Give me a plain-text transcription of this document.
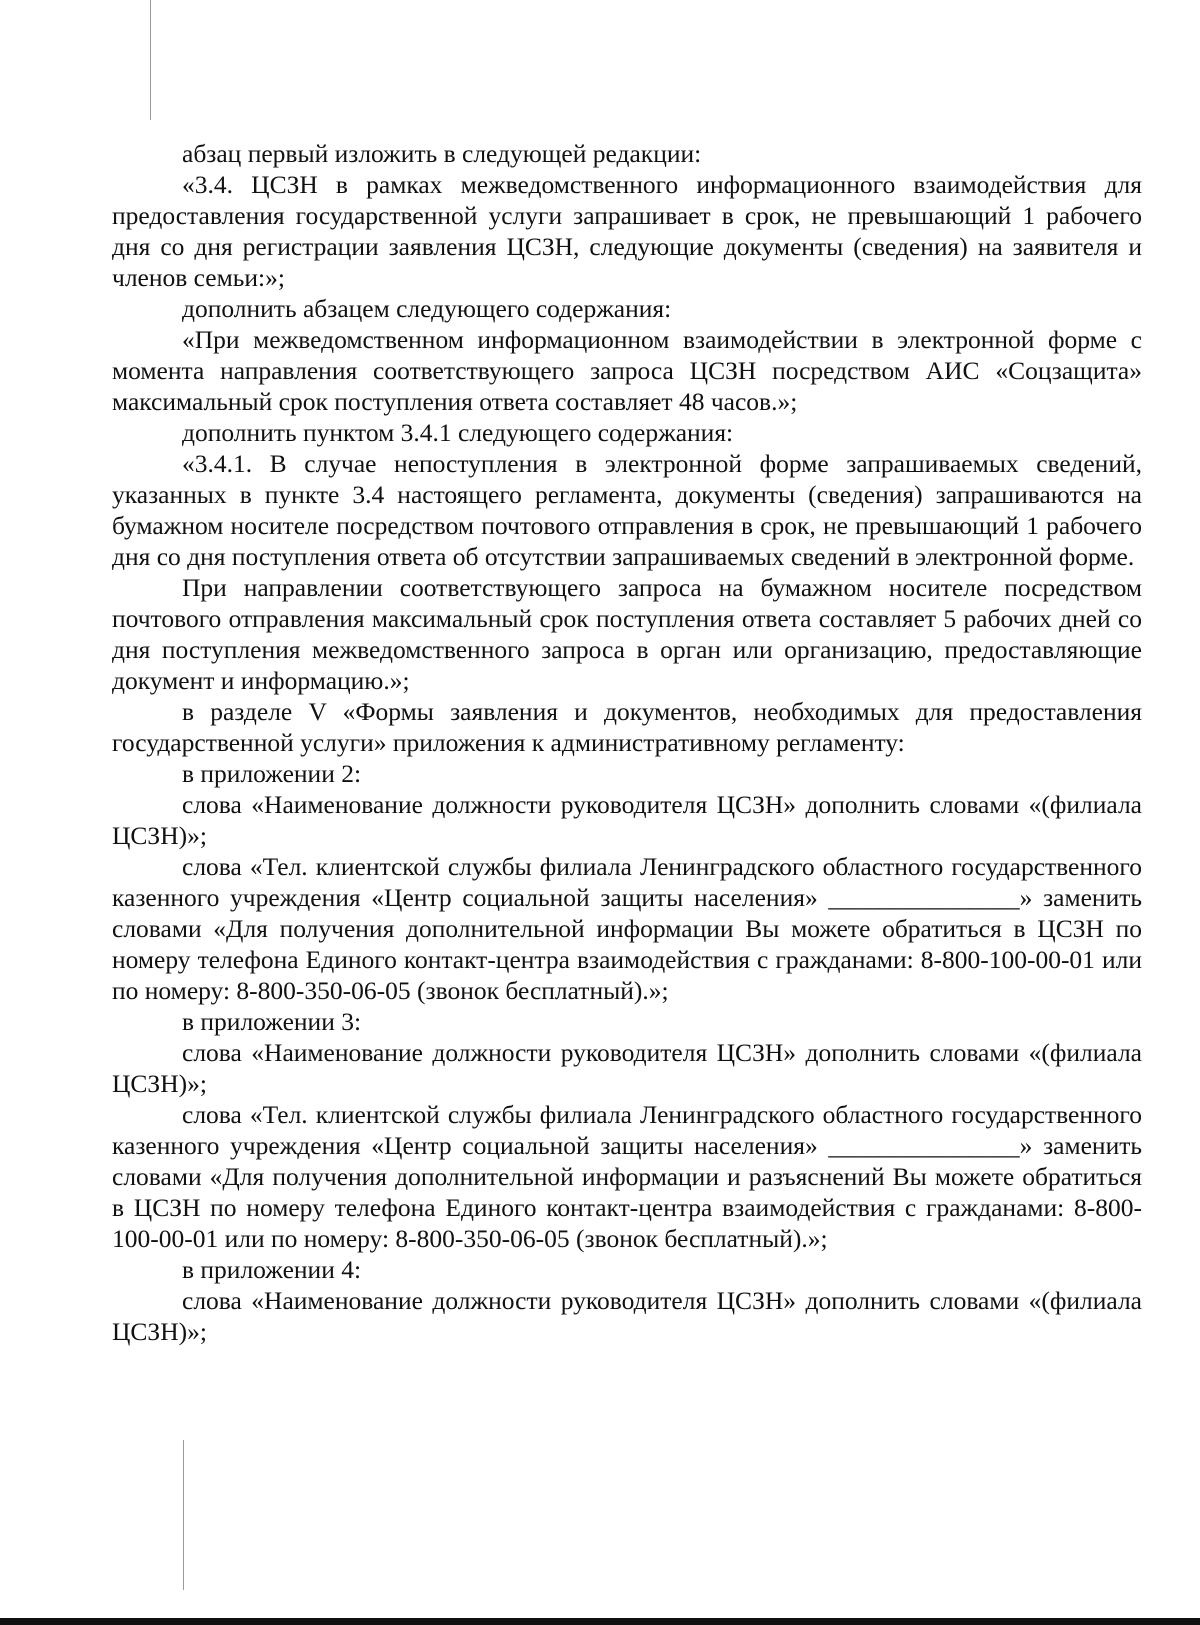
абзац первый изложить в следующей редакции:

«3.4. ЦСЗН в рамках межведомственного информационного взаимодействия для предоставления государственной услуги запрашивает в срок, не превышающий 1 рабочего дня со дня регистрации заявления ЦСЗН, следующие документы (сведения) на заявителя и членов семьи:»;

дополнить абзацем следующего содержания:

«При межведомственном информационном взаимодействии в электронной форме с момента направления соответствующего запроса ЦСЗН посредством АИС «Соцзащита» максимальный срок поступления ответа составляет 48 часов.»;

дополнить пунктом 3.4.1 следующего содержания:

«3.4.1. В случае непоступления в электронной форме запрашиваемых сведений, указанных в пункте 3.4 настоящего регламента, документы (сведения) запрашиваются на бумажном носителе посредством почтового отправления в срок, не превышающий 1 рабочего дня со дня поступления ответа об отсутствии запрашиваемых сведений в электронной форме.

При направлении соответствующего запроса на бумажном носителе посредством почтового отправления максимальный срок поступления ответа составляет 5 рабочих дней со дня поступления межведомственного запроса в орган или организацию, предоставляющие документ и информацию.»;

в разделе V «Формы заявления и документов, необходимых для предоставления государственной услуги» приложения к административному регламенту:

в приложении 2:

слова «Наименование должности руководителя ЦСЗН» дополнить словами «(филиала ЦСЗН)»;

слова «Тел. клиентской службы филиала Ленинградского областного государственного казенного учреждения «Центр социальной защиты населения» _______________» заменить словами «Для получения дополнительной информации Вы можете обратиться в ЦСЗН по номеру телефона Единого контакт-центра взаимодействия с гражданами: 8-800-100-00-01 или по номеру: 8-800-350-06-05 (звонок бесплатный).»;

в приложении 3:

слова «Наименование должности руководителя ЦСЗН» дополнить словами «(филиала ЦСЗН)»;

слова «Тел. клиентской службы филиала Ленинградского областного государственного казенного учреждения «Центр социальной защиты населения» _______________» заменить словами «Для получения дополнительной информации и разъяснений Вы можете обратиться в ЦСЗН по номеру телефона Единого контакт-центра взаимодействия с гражданами: 8-800-100-00-01 или по номеру: 8-800-350-06-05 (звонок бесплатный).»;

в приложении 4:

слова «Наименование должности руководителя ЦСЗН» дополнить словами «(филиала ЦСЗН)»;
